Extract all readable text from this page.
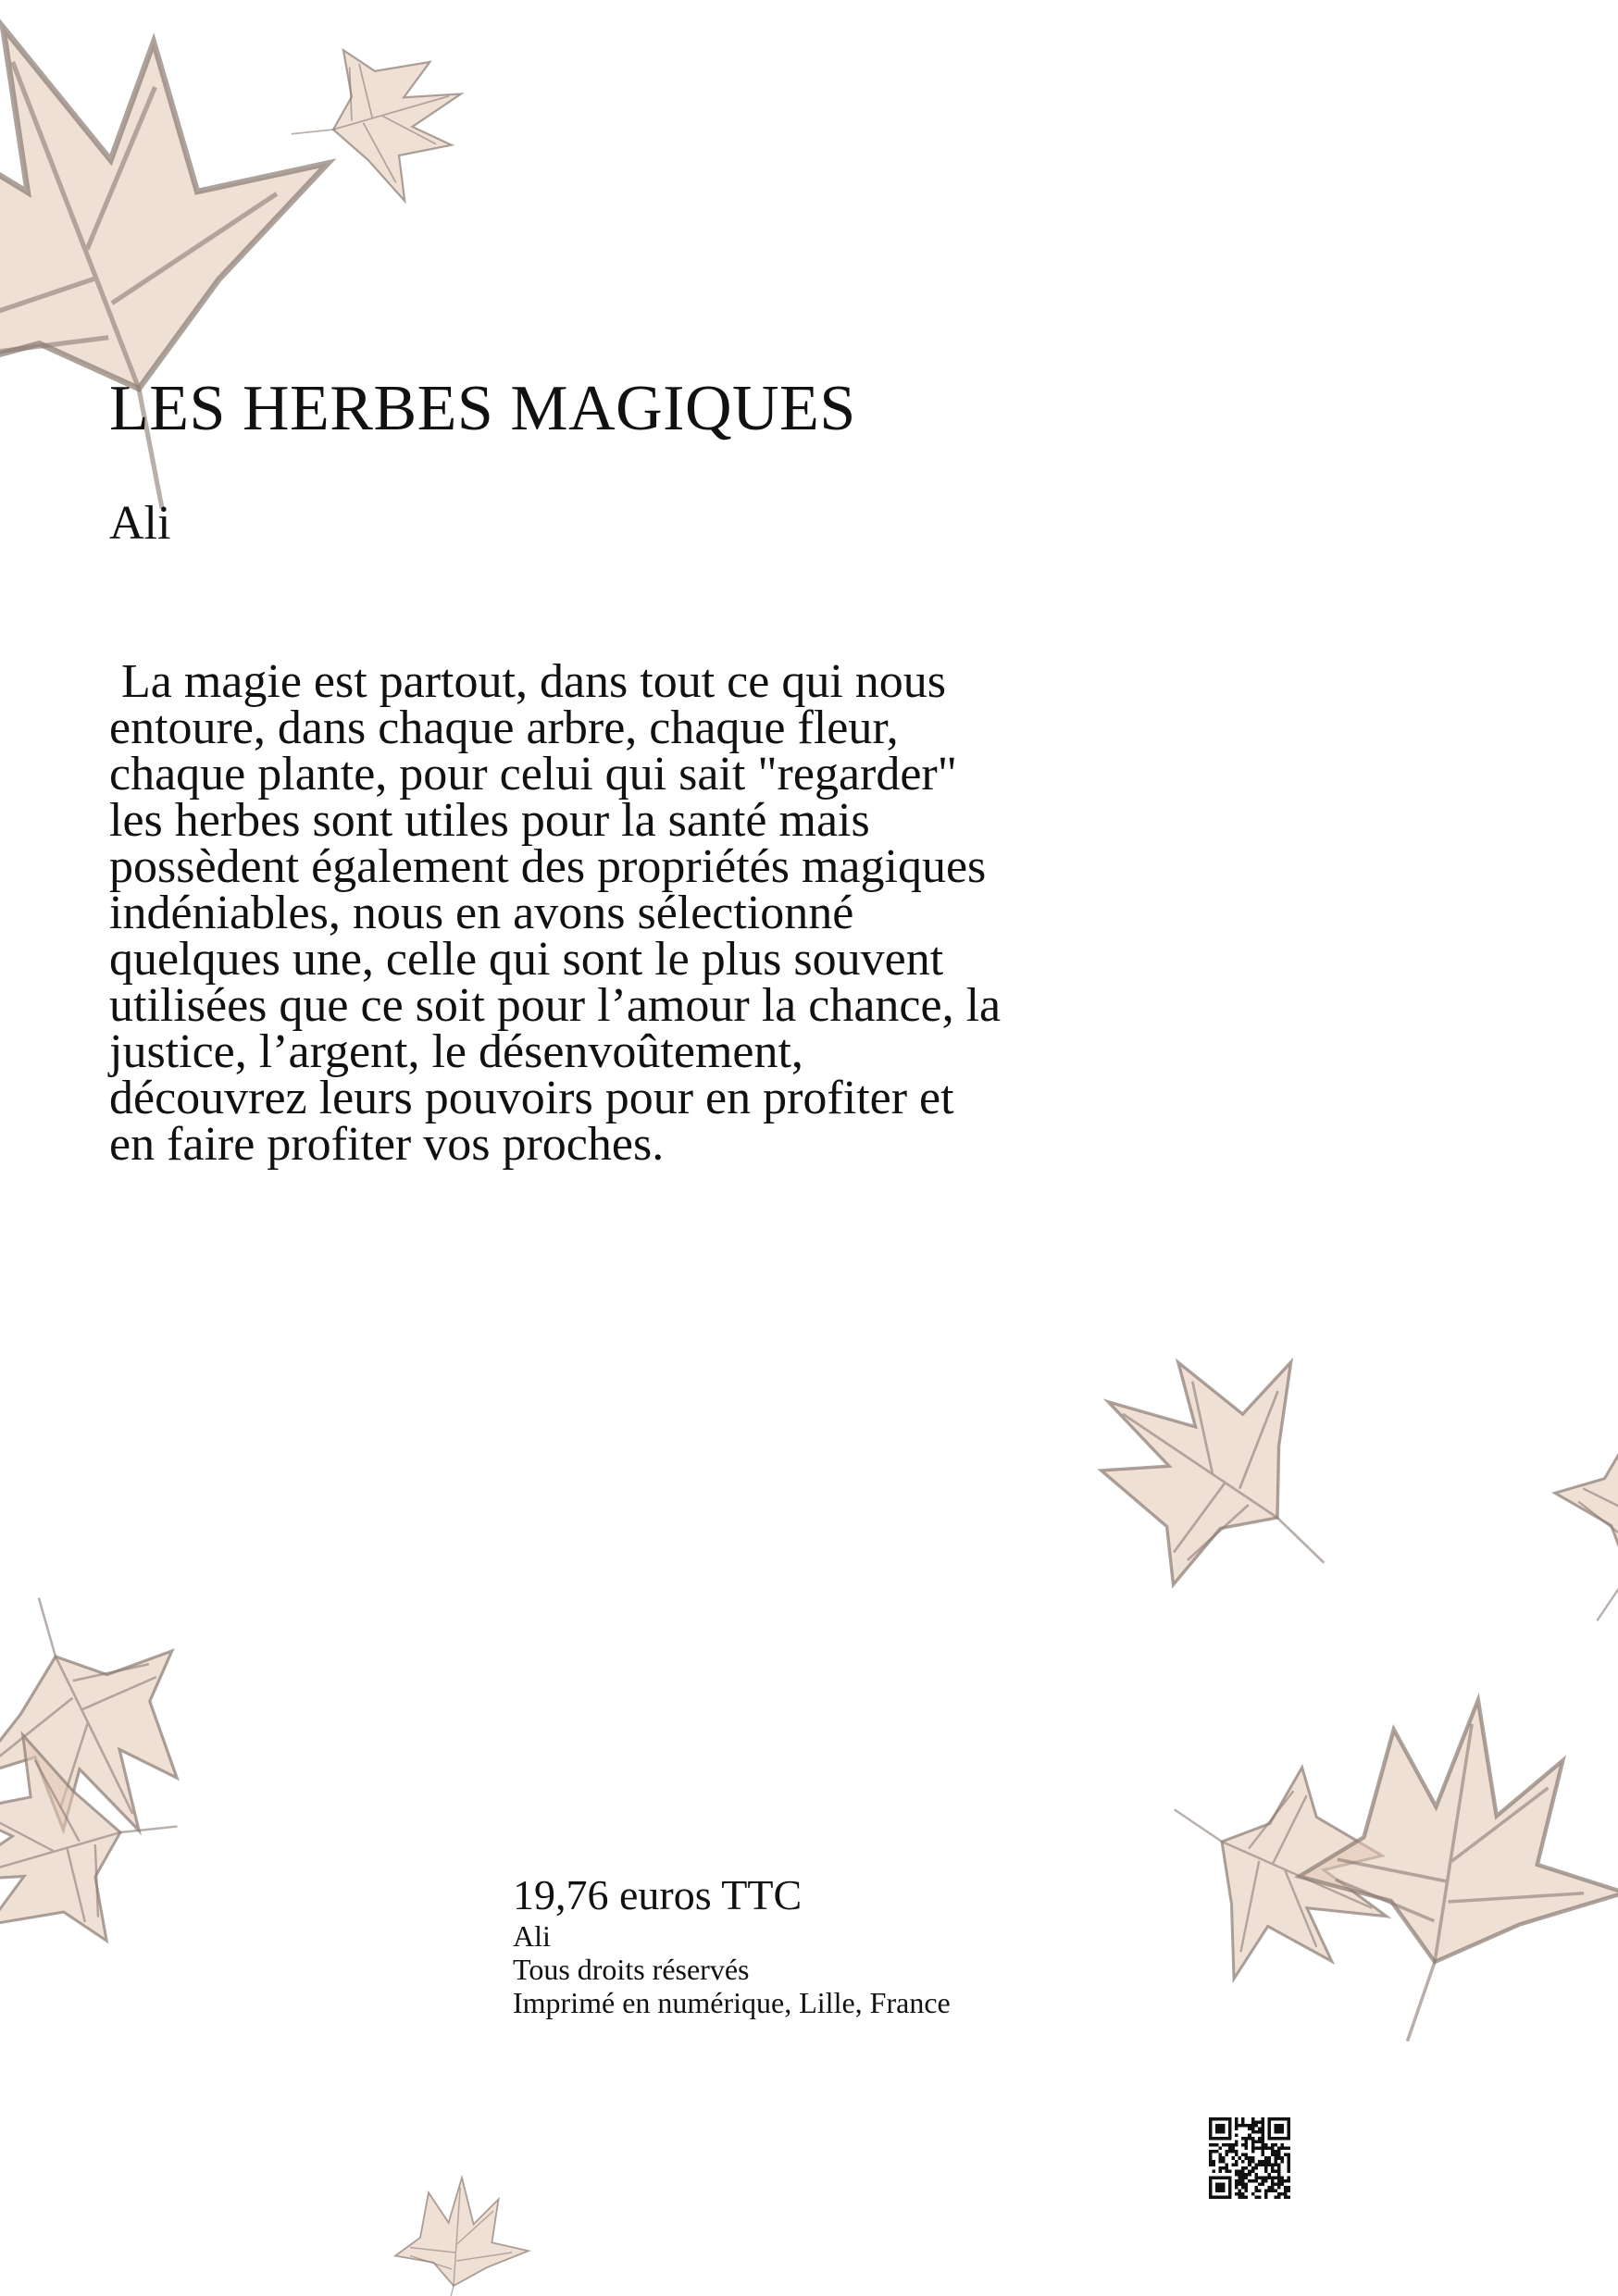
LES HERBES MAGIQUES

Ali

La magie est partout, dans tout ce qui nous
entoure, dans chaque arbre, chaque fleur,
chaque plante, pour celui qui sait "regarder"
les herbes sont utiles pour la santé mais
possèdent également des propriétés magiques
indéniables, nous en avons sélectionné
quelques une, celle qui sont le plus souvent
utilisées que ce soit pour l’amour la chance, la
justice, l’argent, le désenvoûtement,
découvrez leurs pouvoirs pour en profiter et
en faire profiter vos proches.

19,76 euros TTC

Ali

Tous droits réservés

Imprimé en numérique, Lille, France
